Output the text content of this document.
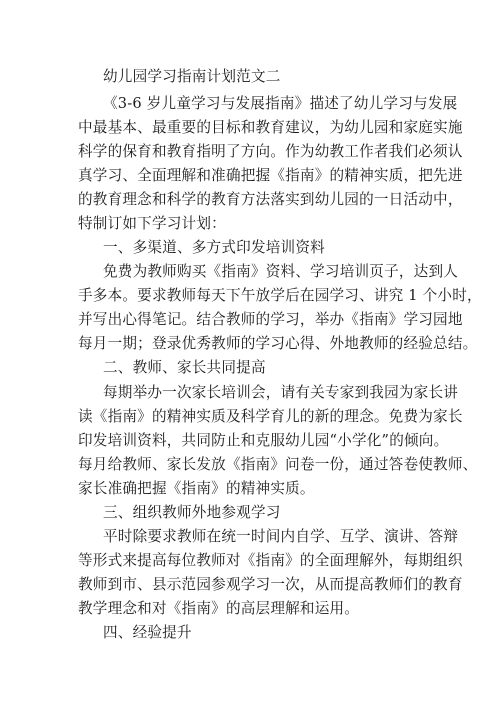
幼儿园学习指南计划范文二
《3-6 岁儿童学习与发展指南》描述了幼儿学习与发展
中最基本、最重要的目标和教育建议，为幼儿园和家庭实施
科学的保育和教育指明了方向。作为幼教工作者我们必须认
真学习、全面理解和准确把握《指南》的精神实质，把先进
的教育理念和科学的教育方法落实到幼儿园的一日活动中，
特制订如下学习计划：
一、多渠道、多方式印发培训资料
免费为教师购买《指南》资料、学习培训页子，达到人
手多本。要求教师每天下午放学后在园学习、讲究 1 个小时，
并写出心得笔记。结合教师的学习，举办《指南》学习园地
每月一期；登录优秀教师的学习心得、外地教师的经验总结。
二、教师、家长共同提高
每期举办一次家长培训会，请有关专家到我园为家长讲
读《指南》的精神实质及科学育儿的新的理念。免费为家长
印发培训资料，共同防止和克服幼儿园“小学化”的倾向。
每月给教师、家长发放《指南》问卷一份，通过答卷使教师、
家长准确把握《指南》的精神实质。
三、组织教师外地参观学习
平时除要求教师在统一时间内自学、互学、演讲、答辩
等形式来提高每位教师对《指南》的全面理解外，每期组织
教师到市、县示范园参观学习一次，从而提高教师们的教育
教学理念和对《指南》的高层理解和运用。
四、经验提升
